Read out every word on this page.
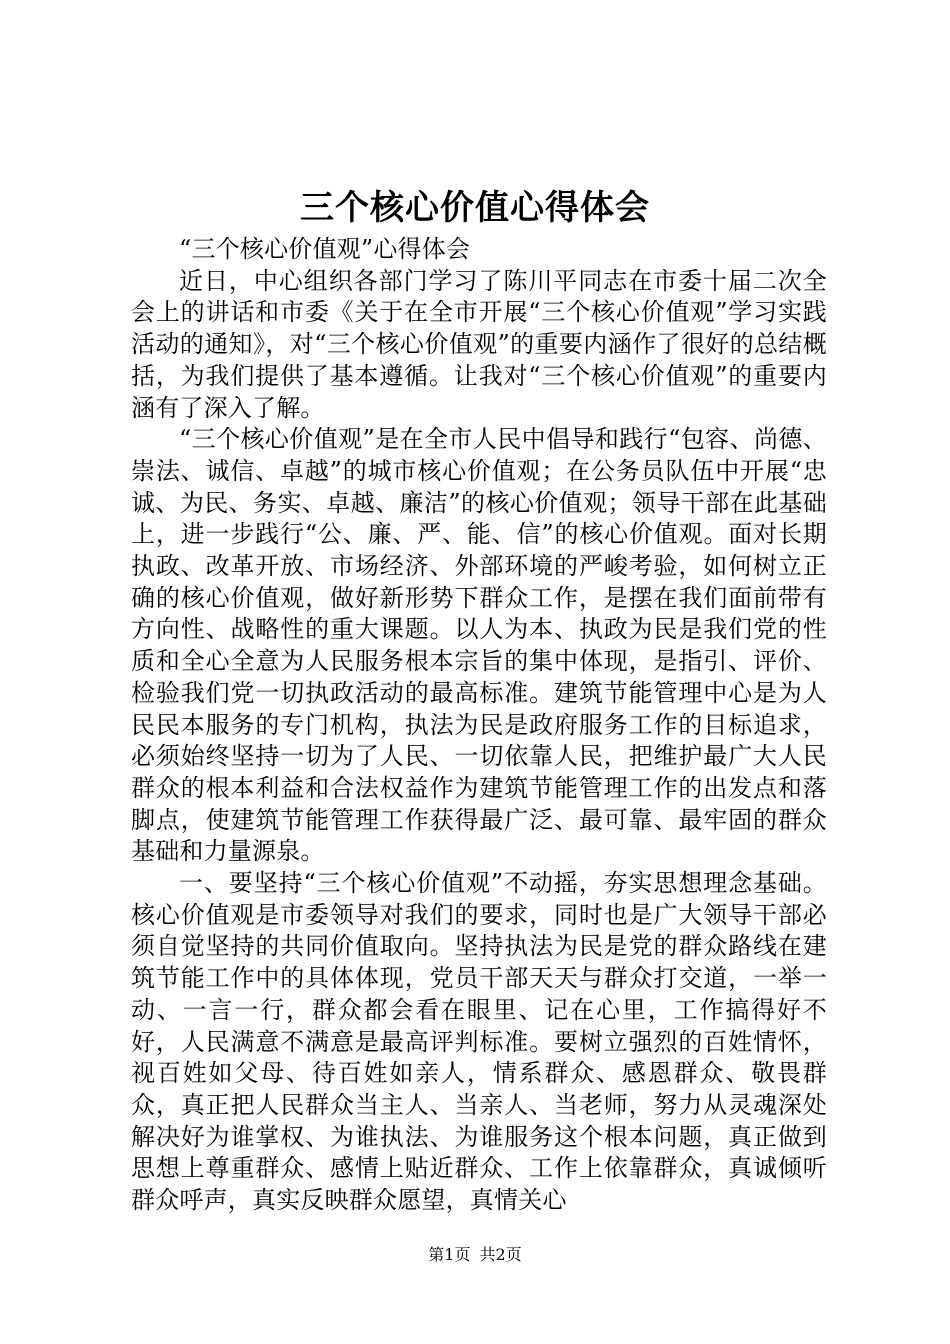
三个核心价值心得体会

“三个核心价值观”心得体会

近日，中心组织各部门学习了陈川平同志在市委十届二次全会上的讲话和市委《关于在全市开展“三个核心价值观”学习实践活动的通知》，对“三个核心价值观”的重要内涵作了很好的总结概括，为我们提供了基本遵循。让我对“三个核心价值观”的重要内涵有了深入了解。

“三个核心价值观”是在全市人民中倡导和践行“包容、尚德、崇法、诚信、卓越”的城市核心价值观；在公务员队伍中开展“忠诚、为民、务实、卓越、廉洁”的核心价值观；领导干部在此基础上，进一步践行“公、廉、严、能、信”的核心价值观。面对长期执政、改革开放、市场经济、外部环境的严峻考验，如何树立正确的核心价值观，做好新形势下群众工作，是摆在我们面前带有方向性、战略性的重大课题。以人为本、执政为民是我们党的性质和全心全意为人民服务根本宗旨的集中体现，是指引、评价、检验我们党一切执政活动的最高标准。建筑节能管理中心是为人民民本服务的专门机构，执法为民是政府服务工作的目标追求，必须始终坚持一切为了人民、一切依靠人民，把维护最广大人民群众的根本利益和合法权益作为建筑节能管理工作的出发点和落脚点，使建筑节能管理工作获得最广泛、最可靠、最牢固的群众基础和力量源泉。

一、要坚持“三个核心价值观”不动摇，夯实思想理念基础。核心价值观是市委领导对我们的要求，同时也是广大领导干部必须自觉坚持的共同价值取向。坚持执法为民是党的群众路线在建筑节能工作中的具体体现，党员干部天天与群众打交道，一举一动、一言一行，群众都会看在眼里、记在心里，工作搞得好不好，人民满意不满意是最高评判标准。要树立强烈的百姓情怀，视百姓如父母、待百姓如亲人，情系群众、感恩群众、敬畏群众，真正把人民群众当主人、当亲人、当老师，努力从灵魂深处解决好为谁掌权、为谁执法、为谁服务这个根本问题，真正做到思想上尊重群众、感情上贴近群众、工作上依靠群众，真诚倾听群众呼声，真实反映群众愿望，真情关心

第1页 共2页
